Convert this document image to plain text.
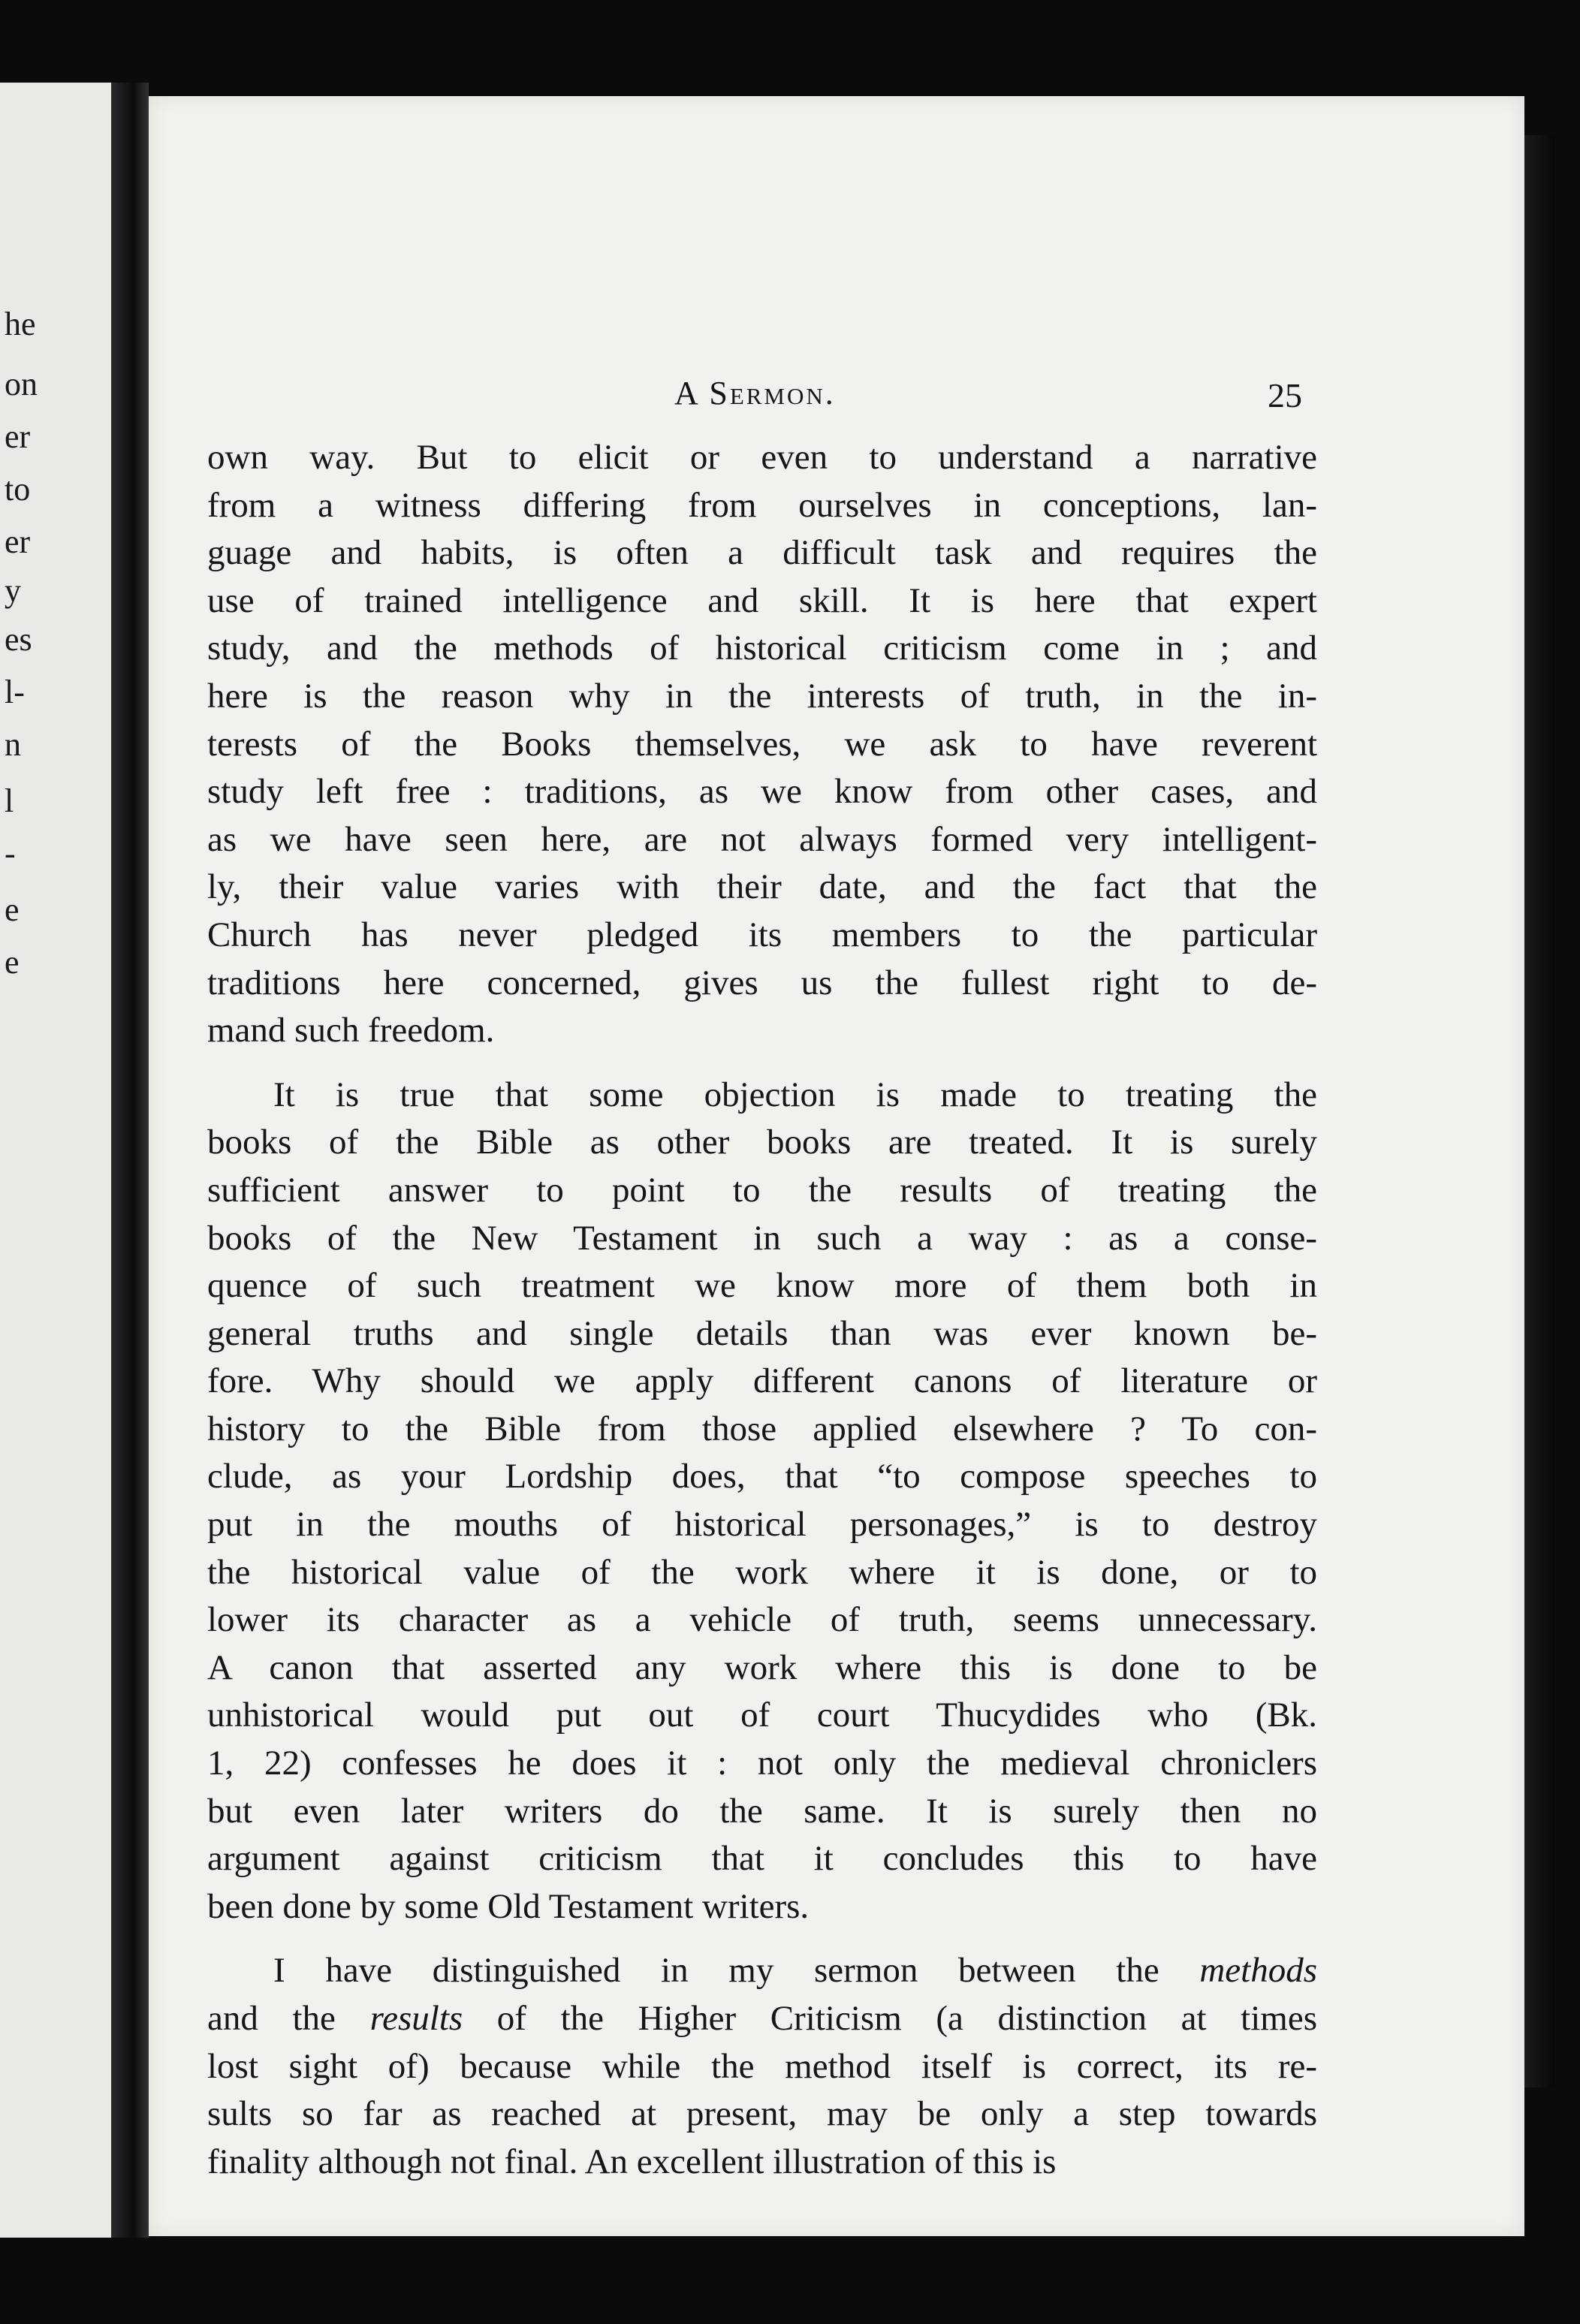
he
on
er
to
er
y
es
l-
n
l
-
e
e
A Sermon.	25
own way. But to elicit or even to understand a narrative
from a witness differing from ourselves in conceptions, lan-
guage and habits, is often a difficult task and requires the
use of trained intelligence and skill. It is here that expert
study, and the methods of historical criticism come in ; and
here is the reason why in the interests of truth, in the in-
terests of the Books themselves, we ask to have reverent
study left free : traditions, as we know from other cases, and
as we have seen here, are not always formed very intelligent-
ly, their value varies with their date, and the fact that the
Church has never pledged its members to the particular
traditions here concerned, gives us the fullest right to de-
mand such freedom.
It is true that some objection is made to treating the
books of the Bible as other books are treated. It is surely
sufficient answer to point to the results of treating the
books of the New Testament in such a way : as a conse-
quence of such treatment we know more of them both in
general truths and single details than was ever known be-
fore. Why should we apply different canons of literature or
history to the Bible from those applied elsewhere ? To con-
clude, as your Lordship does, that “to compose speeches to
put in the mouths of historical personages,” is to destroy
the historical value of the work where it is done, or to
lower its character as a vehicle of truth, seems unnecessary.
A canon that asserted any work where this is done to be
unhistorical would put out of court Thucydides who (Bk.
1, 22) confesses he does it : not only the medieval chroniclers
but even later writers do the same. It is surely then no
argument against criticism that it concludes this to have
been done by some Old Testament writers.
I have distinguished in my sermon between the methods
and the results of the Higher Criticism (a distinction at times
lost sight of) because while the method itself is correct, its re-
sults so far as reached at present, may be only a step towards
finality although not final. An excellent illustration of this is
